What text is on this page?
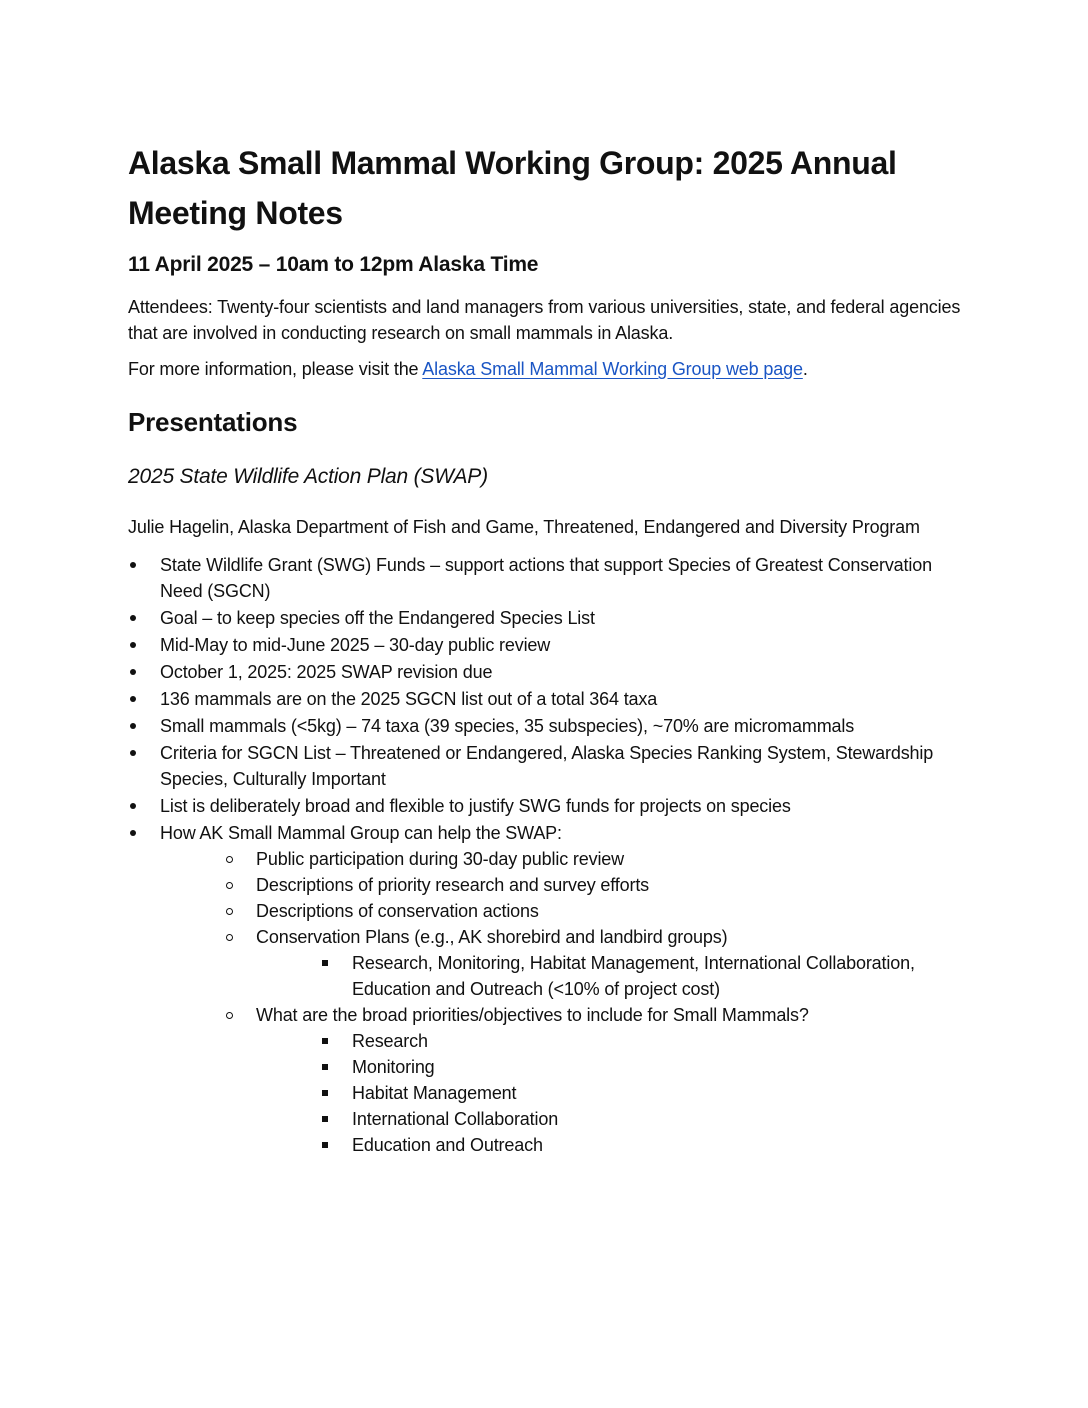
Alaska Small Mammal Working Group: 2025 Annual Meeting Notes
11 April 2025 – 10am to 12pm Alaska Time

Attendees: Twenty-four scientists and land managers from various universities, state, and federal agencies that are involved in conducting research on small mammals in Alaska.

For more information, please visit the Alaska Small Mammal Working Group web page.

Presentations
2025 State Wildlife Action Plan (SWAP)

Julie Hagelin, Alaska Department of Fish and Game, Threatened, Endangered and Diversity Program

State Wildlife Grant (SWG) Funds – support actions that support Species of Greatest Conservation Need (SGCN)
Goal – to keep species off the Endangered Species List
Mid-May to mid-June 2025 – 30-day public review
October 1, 2025: 2025 SWAP revision due
136 mammals are on the 2025 SGCN list out of a total 364 taxa
Small mammals (<5kg) – 74 taxa (39 species, 35 subspecies), ~70% are micromammals
Criteria for SGCN List – Threatened or Endangered, Alaska Species Ranking System, Stewardship Species, Culturally Important
List is deliberately broad and flexible to justify SWG funds for projects on species
How AK Small Mammal Group can help the SWAP:
Public participation during 30-day public review
Descriptions of priority research and survey efforts
Descriptions of conservation actions
Conservation Plans (e.g., AK shorebird and landbird groups)
Research, Monitoring, Habitat Management, International Collaboration, Education and Outreach (<10% of project cost)
What are the broad priorities/objectives to include for Small Mammals?
Research
Monitoring
Habitat Management
International Collaboration
Education and Outreach
